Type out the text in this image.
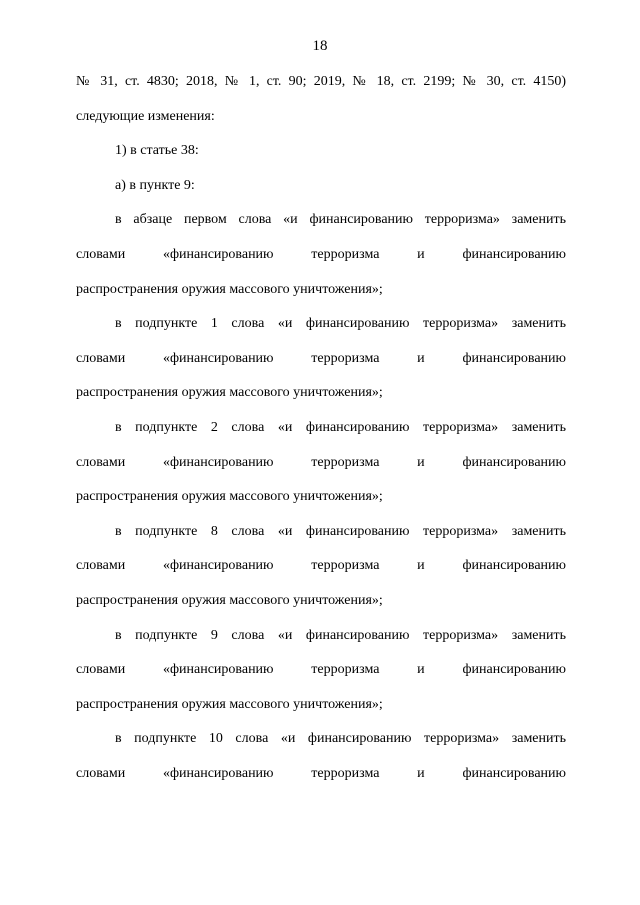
18
№ 31, ст. 4830; 2018, № 1, ст. 90; 2019, № 18, ст. 2199; № 30, ст. 4150)
следующие изменения:
1) в статье 38:
а) в пункте 9:
в абзаце первом слова «и финансированию терроризма» заменить
словами «финансированию терроризма и финансированию
распространения оружия массового уничтожения»;
в подпункте 1 слова «и финансированию терроризма» заменить
словами «финансированию терроризма и финансированию
распространения оружия массового уничтожения»;
в подпункте 2 слова «и финансированию терроризма» заменить
словами «финансированию терроризма и финансированию
распространения оружия массового уничтожения»;
в подпункте 8 слова «и финансированию терроризма» заменить
словами «финансированию терроризма и финансированию
распространения оружия массового уничтожения»;
в подпункте 9 слова «и финансированию терроризма» заменить
словами «финансированию терроризма и финансированию
распространения оружия массового уничтожения»;
в подпункте 10 слова «и финансированию терроризма» заменить
словами «финансированию терроризма и финансированию
